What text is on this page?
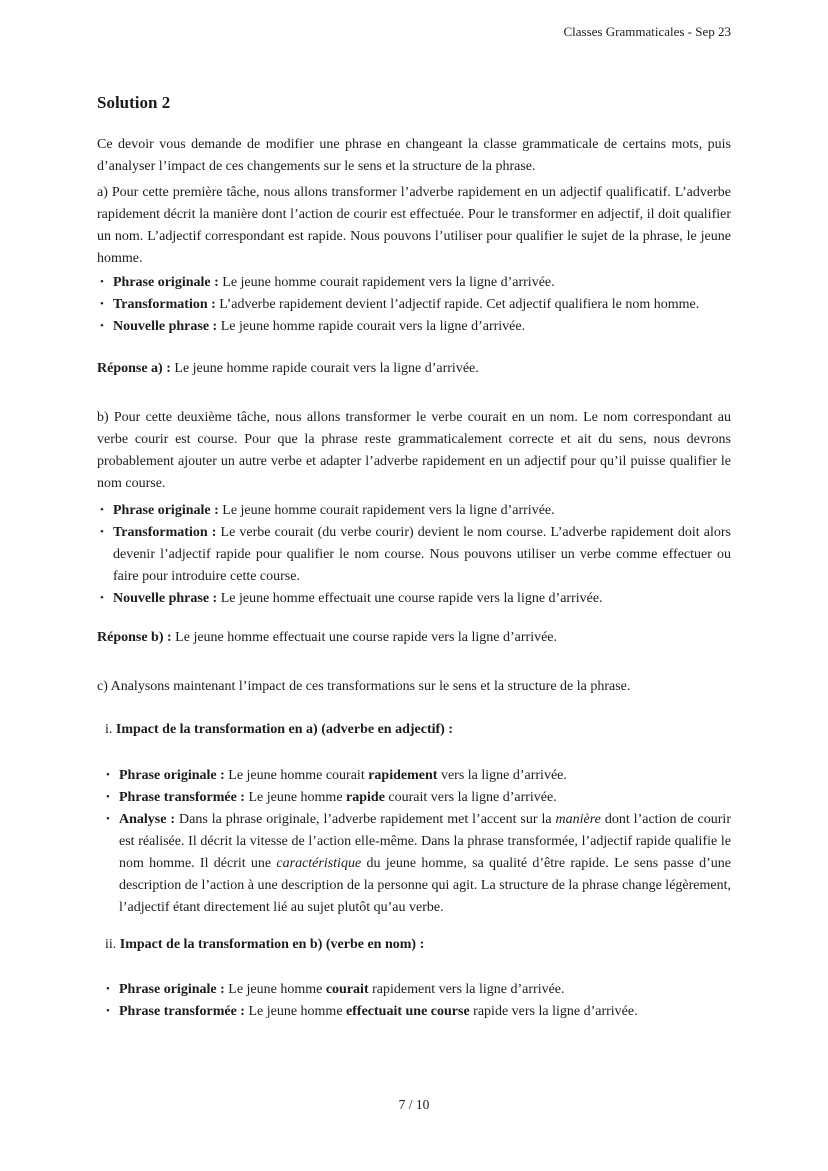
Classes Grammaticales - Sep 23
Solution 2

Ce devoir vous demande de modifier une phrase en changeant la classe grammaticale de certains mots, puis d’analyser l’impact de ces changements sur le sens et la structure de la phrase.

a) Pour cette première tâche, nous allons transformer l’adverbe rapidement en un adjectif qualificatif. L’adverbe rapidement décrit la manière dont l’action de courir est effectuée. Pour le transformer en adjectif, il doit qualifier un nom. L’adjectif correspondant est rapide. Nous pouvons l’utiliser pour qualifier le sujet de la phrase, le jeune homme.

• Phrase originale : Le jeune homme courait rapidement vers la ligne d’arrivée.
• Transformation : L’adverbe rapidement devient l’adjectif rapide. Cet adjectif qualifiera le nom homme.
• Nouvelle phrase : Le jeune homme rapide courait vers la ligne d’arrivée.

Réponse a) : Le jeune homme rapide courait vers la ligne d’arrivée.

b) Pour cette deuxième tâche, nous allons transformer le verbe courait en un nom. Le nom correspondant au verbe courir est course. Pour que la phrase reste grammaticalement correcte et ait du sens, nous devrons probablement ajouter un autre verbe et adapter l’adverbe rapidement en un adjectif pour qu’il puisse qualifier le nom course.

• Phrase originale : Le jeune homme courait rapidement vers la ligne d’arrivée.
• Transformation : Le verbe courait (du verbe courir) devient le nom course. L’adverbe rapidement doit alors devenir l’adjectif rapide pour qualifier le nom course. Nous pouvons utiliser un verbe comme effectuer ou faire pour introduire cette course.
• Nouvelle phrase : Le jeune homme effectuait une course rapide vers la ligne d’arrivée.

Réponse b) : Le jeune homme effectuait une course rapide vers la ligne d’arrivée.

c) Analysons maintenant l’impact de ces transformations sur le sens et la structure de la phrase.

i. Impact de la transformation en a) (adverbe en adjectif) :
• Phrase originale : Le jeune homme courait rapidement vers la ligne d’arrivée.
• Phrase transformée : Le jeune homme rapide courait vers la ligne d’arrivée.
• Analyse : Dans la phrase originale, l’adverbe rapidement met l’accent sur la manière dont l’action de courir est réalisée. Il décrit la vitesse de l’action elle-même. Dans la phrase transformée, l’adjectif rapide qualifie le nom homme. Il décrit une caractéristique du jeune homme, sa qualité d’être rapide. Le sens passe d’une description de l’action à une description de la personne qui agit. La structure de la phrase change légèrement, l’adjectif étant directement lié au sujet plutôt qu’au verbe.
ii. Impact de la transformation en b) (verbe en nom) :
• Phrase originale : Le jeune homme courait rapidement vers la ligne d’arrivée.
• Phrase transformée : Le jeune homme effectuait une course rapide vers la ligne d’arrivée.
7 / 10
